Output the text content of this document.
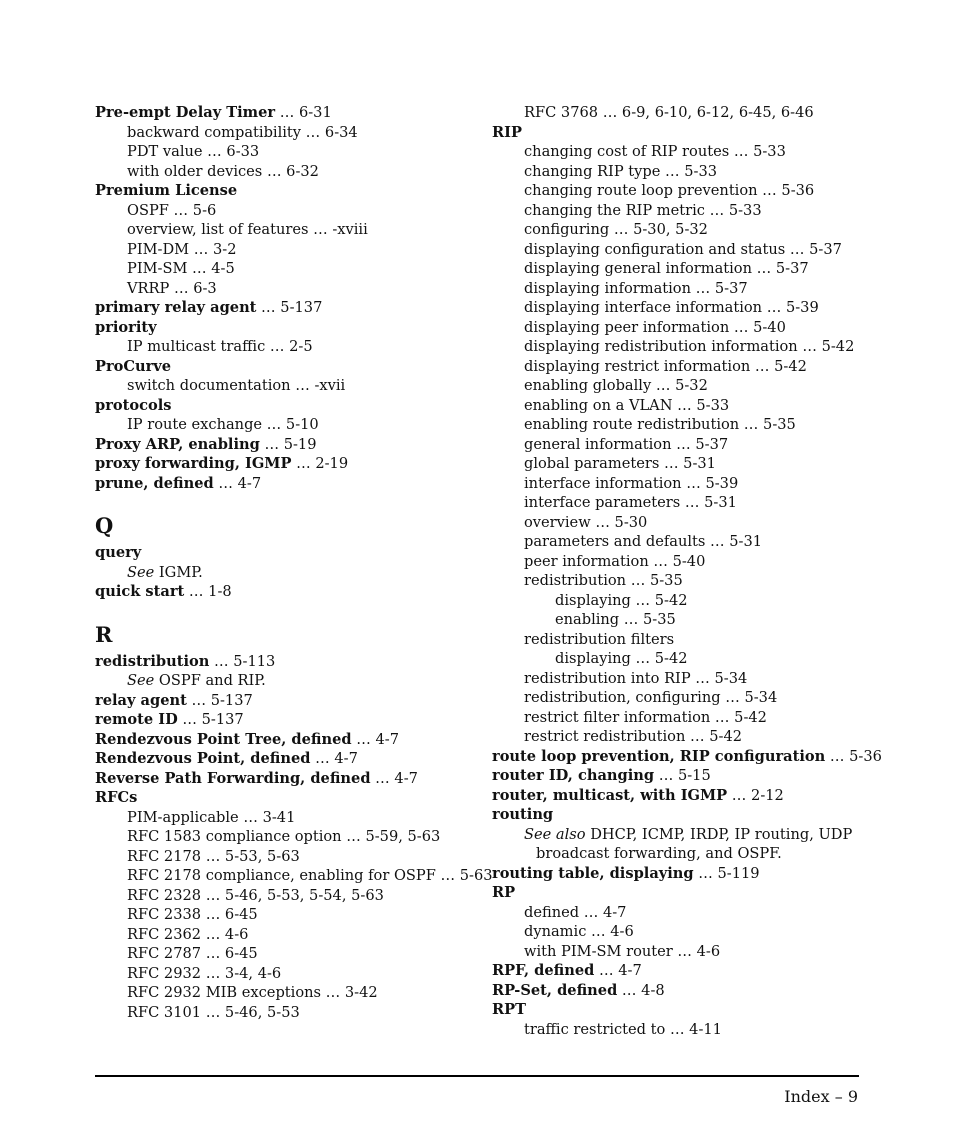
Pre-empt Delay Timer … 6-31
backward compatibility … 6-34
PDT value … 6-33
with older devices … 6-32
Premium License
OSPF … 5-6
overview, list of features … -xviii
PIM-DM … 3-2
PIM-SM … 4-5
VRRP … 6-3
primary relay agent … 5-137
priority
IP multicast traffic … 2-5
ProCurve
switch documentation … -xvii
protocols
IP route exchange … 5-10
Proxy ARP, enabling … 5-19
proxy forwarding, IGMP … 2-19
prune, defined … 4-7
Q
query
See IGMP.
quick start … 1-8
R
redistribution … 5-113
See OSPF and RIP.
relay agent … 5-137
remote ID … 5-137
Rendezvous Point Tree, defined … 4-7
Rendezvous Point, defined … 4-7
Reverse Path Forwarding, defined … 4-7
RFCs
PIM-applicable … 3-41
RFC 1583 compliance option … 5-59, 5-63
RFC 2178 … 5-53, 5-63
RFC 2178 compliance, enabling for OSPF … 5-63
RFC 2328 … 5-46, 5-53, 5-54, 5-63
RFC 2338 … 6-45
RFC 2362 … 4-6
RFC 2787 … 6-45
RFC 2932 … 3-4, 4-6
RFC 2932 MIB exceptions … 3-42
RFC 3101 … 5-46, 5-53
RFC 3768 … 6-9, 6-10, 6-12, 6-45, 6-46
RIP
changing cost of RIP routes … 5-33
changing RIP type … 5-33
changing route loop prevention … 5-36
changing the RIP metric … 5-33
configuring … 5-30, 5-32
displaying configuration and status … 5-37
displaying general information … 5-37
displaying information … 5-37
displaying interface information … 5-39
displaying peer information … 5-40
displaying redistribution information … 5-42
displaying restrict information … 5-42
enabling globally … 5-32
enabling on a VLAN … 5-33
enabling route redistribution … 5-35
general information … 5-37
global parameters … 5-31
interface information … 5-39
interface parameters … 5-31
overview … 5-30
parameters and defaults … 5-31
peer information … 5-40
redistribution … 5-35
displaying … 5-42
enabling … 5-35
redistribution filters
displaying … 5-42
redistribution into RIP … 5-34
redistribution, configuring … 5-34
restrict filter information … 5-42
restrict redistribution … 5-42
route loop prevention, RIP configuration … 5-36
router ID, changing … 5-15
router, multicast, with IGMP … 2-12
routing
See also DHCP, ICMP, IRDP, IP routing, UDP broadcast forwarding, and OSPF.
routing table, displaying … 5-119
RP
defined … 4-7
dynamic … 4-6
with PIM-SM router … 4-6
RPF, defined … 4-7
RP-Set, defined … 4-8
RPT
traffic restricted to … 4-11
Index – 9
